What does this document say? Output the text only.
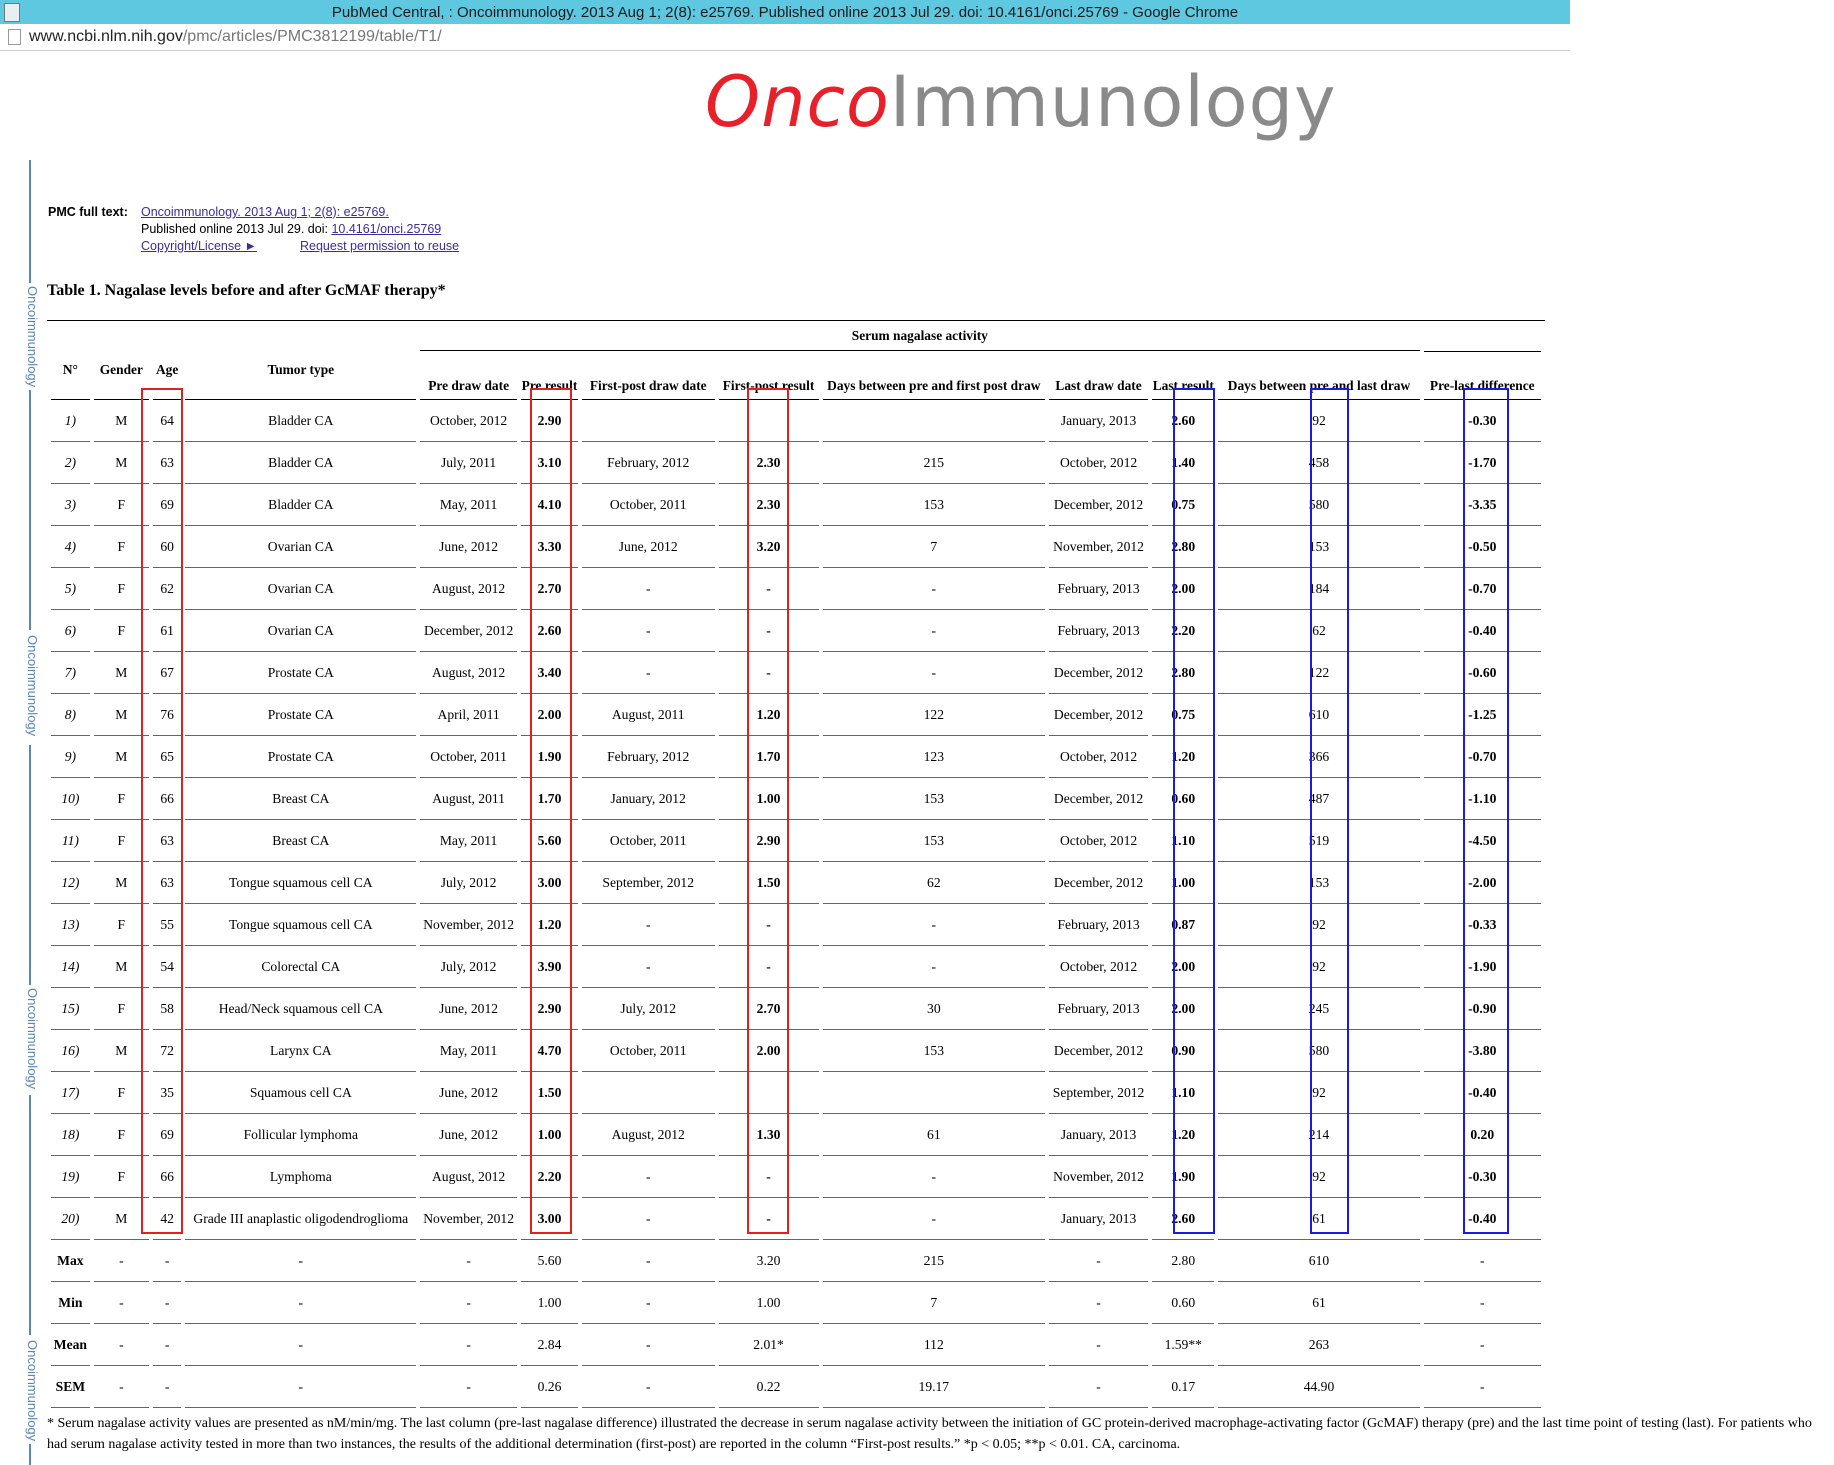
PubMed Central, : Oncoimmunology. 2013 Aug 1; 2(8): e25769. Published online 2013 Jul 29. doi: 10.4161/onci.25769 - Google Chrome
www.ncbi.nlm.nih.gov /pmc/articles/PMC3812199/table/T1/
OncoImmunology
Oncoimmunology
Oncoimmunology
Oncoimmunology
Oncoimmunology
PMC full text: Oncoimmunology. 2013 Aug 1; 2(8): e25769.
Published online 2013 Jul 29. doi: 10.4161/onci.25769
Copyright/License ►	Request permission to reuse
Table 1. Nagalase levels before and after GcMAF therapy*
N°	Gender	Age	Tumor type	Serum nagalase activity								
				Pre draw date	Pre result	First-post draw date	First-post result	Days between pre and first post draw	Last draw date	Last result	Days between pre and last draw	Pre-last difference
1)	M	64	Bladder CA	October, 2012	2.90				January, 2013	2.60	92	-0.30
2)	M	63	Bladder CA	July, 2011	3.10	February, 2012	2.30	215	October, 2012	1.40	458	-1.70
3)	F	69	Bladder CA	May, 2011	4.10	October, 2011	2.30	153	December, 2012	0.75	580	-3.35
4)	F	60	Ovarian CA	June, 2012	3.30	June, 2012	3.20	7	November, 2012	2.80	153	-0.50
5)	F	62	Ovarian CA	August, 2012	2.70	-	-	-	February, 2013	2.00	184	-0.70
6)	F	61	Ovarian CA	December, 2012	2.60	-	-	-	February, 2013	2.20	62	-0.40
7)	M	67	Prostate CA	August, 2012	3.40	-	-	-	December, 2012	2.80	122	-0.60
8)	M	76	Prostate CA	April, 2011	2.00	August, 2011	1.20	122	December, 2012	0.75	610	-1.25
9)	M	65	Prostate CA	October, 2011	1.90	February, 2012	1.70	123	October, 2012	1.20	366	-0.70
10)	F	66	Breast CA	August, 2011	1.70	January, 2012	1.00	153	December, 2012	0.60	487	-1.10
11)	F	63	Breast CA	May, 2011	5.60	October, 2011	2.90	153	October, 2012	1.10	519	-4.50
12)	M	63	Tongue squamous cell CA	July, 2012	3.00	September, 2012	1.50	62	December, 2012	1.00	153	-2.00
13)	F	55	Tongue squamous cell CA	November, 2012	1.20	-	-	-	February, 2013	0.87	92	-0.33
14)	M	54	Colorectal CA	July, 2012	3.90	-	-	-	October, 2012	2.00	92	-1.90
15)	F	58	Head/Neck squamous cell CA	June, 2012	2.90	July, 2012	2.70	30	February, 2013	2.00	245	-0.90
16)	M	72	Larynx CA	May, 2011	4.70	October, 2011	2.00	153	December, 2012	0.90	580	-3.80
17)	F	35	Squamous cell CA	June, 2012	1.50				September, 2012	1.10	92	-0.40
18)	F	69	Follicular lymphoma	June, 2012	1.00	August, 2012	1.30	61	January, 2013	1.20	214	0.20
19)	F	66	Lymphoma	August, 2012	2.20	-	-	-	November, 2012	1.90	92	-0.30
20)	M	42	Grade III anaplastic oligodendroglioma	November, 2012	3.00	-	-	-	January, 2013	2.60	61	-0.40
Max	-	-	-	-	5.60	-	3.20	215	-	2.80	610	-
Min	-	-	-	-	1.00	-	1.00	7	-	0.60	61	-
Mean	-	-	-	-	2.84	-	2.01*	112	-	1.59**	263	-
SEM	-	-	-	-	0.26	-	0.22	19.17	-	0.17	44.90	-
* Serum nagalase activity values are presented as nM/min/mg. The last column (pre-last nagalase difference) illustrated the decrease in serum nagalase activity between the initiation of GC protein-derived macrophage-activating factor (GcMAF) therapy (pre) and the last time point of testing (last). For patients who had serum nagalase activity tested in more than two instances, the results of the additional determination (first-post) are reported in the column “First-post results.” *p < 0.05; **p < 0.01. CA, carcinoma.
